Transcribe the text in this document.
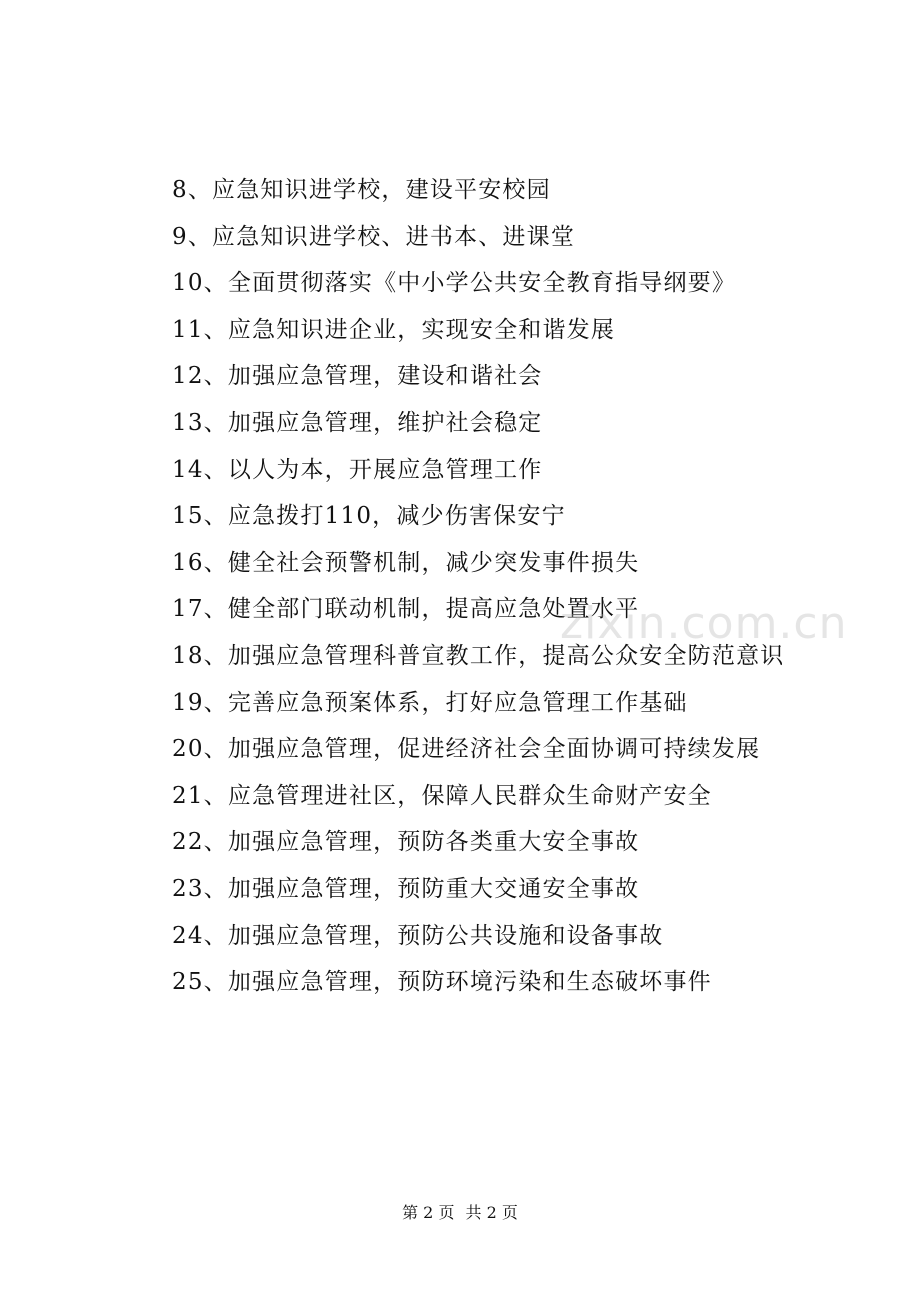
8、应急知识进学校，建设平安校园
9、应急知识进学校、进书本、进课堂
10、全面贯彻落实《中小学公共安全教育指导纲要》
11、应急知识进企业，实现安全和谐发展
12、加强应急管理，建设和谐社会
13、加强应急管理，维护社会稳定
14、以人为本，开展应急管理工作
15、应急拨打110，减少伤害保安宁
16、健全社会预警机制，减少突发事件损失
17、健全部门联动机制，提高应急处置水平
18、加强应急管理科普宣教工作，提高公众安全防范意识
19、完善应急预案体系，打好应急管理工作基础
20、加强应急管理，促进经济社会全面协调可持续发展
21、应急管理进社区，保障人民群众生命财产安全
22、加强应急管理，预防各类重大安全事故
23、加强应急管理，预防重大交通安全事故
24、加强应急管理，预防公共设施和设备事故
25、加强应急管理，预防环境污染和生态破坏事件
zixin.com.cn
第 2 页 共 2 页
